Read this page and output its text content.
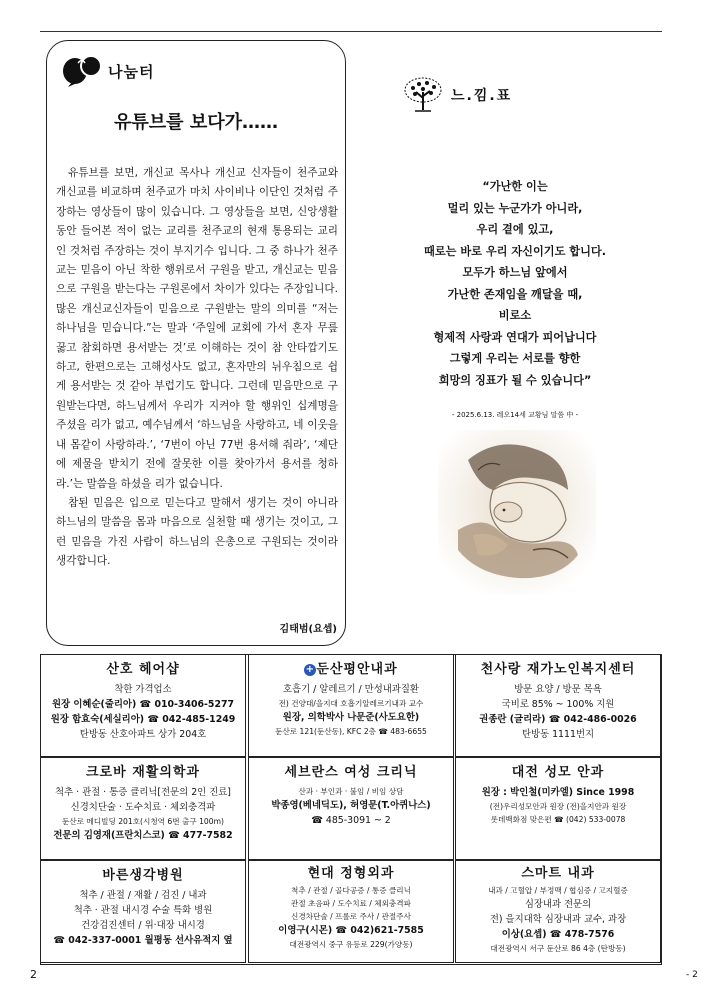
나눔터
유튜브를 보다가……

유튜브를 보면, 개신교 목사나 개신교 신자들이 천주교와 개신교를 비교하며 천주교가 마치 사이비나 이단인 것처럼 주장하는 영상들이 많이 있습니다. 그 영상들을 보면, 신앙생활 동안 들어본 적이 없는 교리를 천주교의 현재 통용되는 교리인 것처럼 주장하는 것이 부지기수 입니다. 그 중 하나가 천주교는 믿음이 아닌 착한 행위로서 구원을 받고, 개신교는 믿음으로 구원을 받는다는 구원론에서 차이가 있다는 주장입니다. 많은 개신교신자들이 믿음으로 구원받는 말의 의미를 “저는 하나님을 믿습니다.”는 말과 ‘주일에 교회에 가서 혼자 무릎 꿇고 참회하면 용서받는 것’로 이해하는 것이 참 안타깝기도 하고, 한편으로는 고해성사도 없고, 혼자만의 뉘우침으로 쉽게 용서받는 것 같아 부럽기도 합니다. 그런데 믿음만으로 구원받는다면, 하느님께서 우리가 지켜야 할 행위인 십계명을 주셨을 리가 없고, 예수님께서 ‘하느님을 사랑하고, 네 이웃을 내 몸같이 사랑하라.’, ‘7번이 아닌 77번 용서해 줘라’, ‘제단에 제물을 받치기 전에 잘못한 이를 찾아가서 용서를 청하라.’는 말씀을 하셨을 리가 없습니다.

참된 믿음은 입으로 믿는다고 말해서 생기는 것이 아니라 하느님의 말씀을 몸과 마음으로 실천할 때 생기는 것이고, 그런 믿음을 가진 사람이 하느님의 은총으로 구원되는 것이라 생각합니다.

김태범(요셉)
느.낌.표
“가난한 이는
멀리 있는 누군가가 아니라,
우리 곁에 있고,
때로는 바로 우리 자신이기도 합니다.
모두가 하느님 앞에서
가난한 존재임을 깨달을 때,
비로소
형제적 사랑과 연대가 피어납니다
그렇게 우리는 서로를 향한
희망의 징표가 될 수 있습니다”
- 2025.6.13. 레오14세 교황님 말씀 中 -
산호 헤어샵
착한 가격업소
원장 이혜순(줄리아) ☎ 010-3406-5277
원장 함효숙(세실리아) ☎ 042-485-1249
탄방동 산호아파트 상가 204호
+둔산평안내과
호흡기 / 알레르기 / 만성내과질환
전) 건양대/을지대 호흡기알레르기내과 교수
원장, 의학박사 나문준(사도요한)
둔산로 121(둔산동), KFC 2층 ☎ 483-6655
천사랑 재가노인복지센터
방문 요양 / 방문 목욕
국비로 85% ~ 100% 지원
권종란 (글리라) ☎ 042-486-0026
탄방동 1111번지
크로바 재활의학과
척추 · 관절 · 통증 클리닉[전문의 2인 진료]
신경치단술 · 도수치료 · 체외충격파
둔산로 메디빌딩 201호(시청역 6번 출구 100m)
전문의 김영재(프란치스코) ☎ 477-7582
세브란스 여성 크리닉
산과 · 부인과 · 불임 / 비임 상담
박종영(베네딕도), 허영문(T.아퀴나스)
☎ 485-3091 ~ 2
대전 성모 안과
원장 : 박인철(미카엘) Since 1998
(전)우리성모안과 원장 (전)을지안과 원장
롯데백화점 맞은편 ☎ (042) 533-0078
바른생각병원
척추 / 관절 / 재활 / 검진 / 내과
척추 · 관절 내시경 수술 특화 병원
건강검진센터 / 위·대장 내시경
☎ 042-337-0001 월평동 선사유적지 옆
현대 정형외과
척추 / 관절 / 골다공증 / 통증 클리닉
관절 초음파 / 도수치료 / 체외충격파
신경차단술 / 프롤로 주사 / 관절주사
이영구(시몬) ☎ 042)621-7585
대전광역시 중구 유등로 229(가양동)
스마트 내과
내과 / 고혈압 / 부정맥 / 협심증 / 고지혈증
심장내과 전문의
전) 을지대학 심장내과 교수, 과장
이상(요셉) ☎ 478-7576
대전광역시 서구 둔산로 86 4층 (탄방동)
2	- 2
